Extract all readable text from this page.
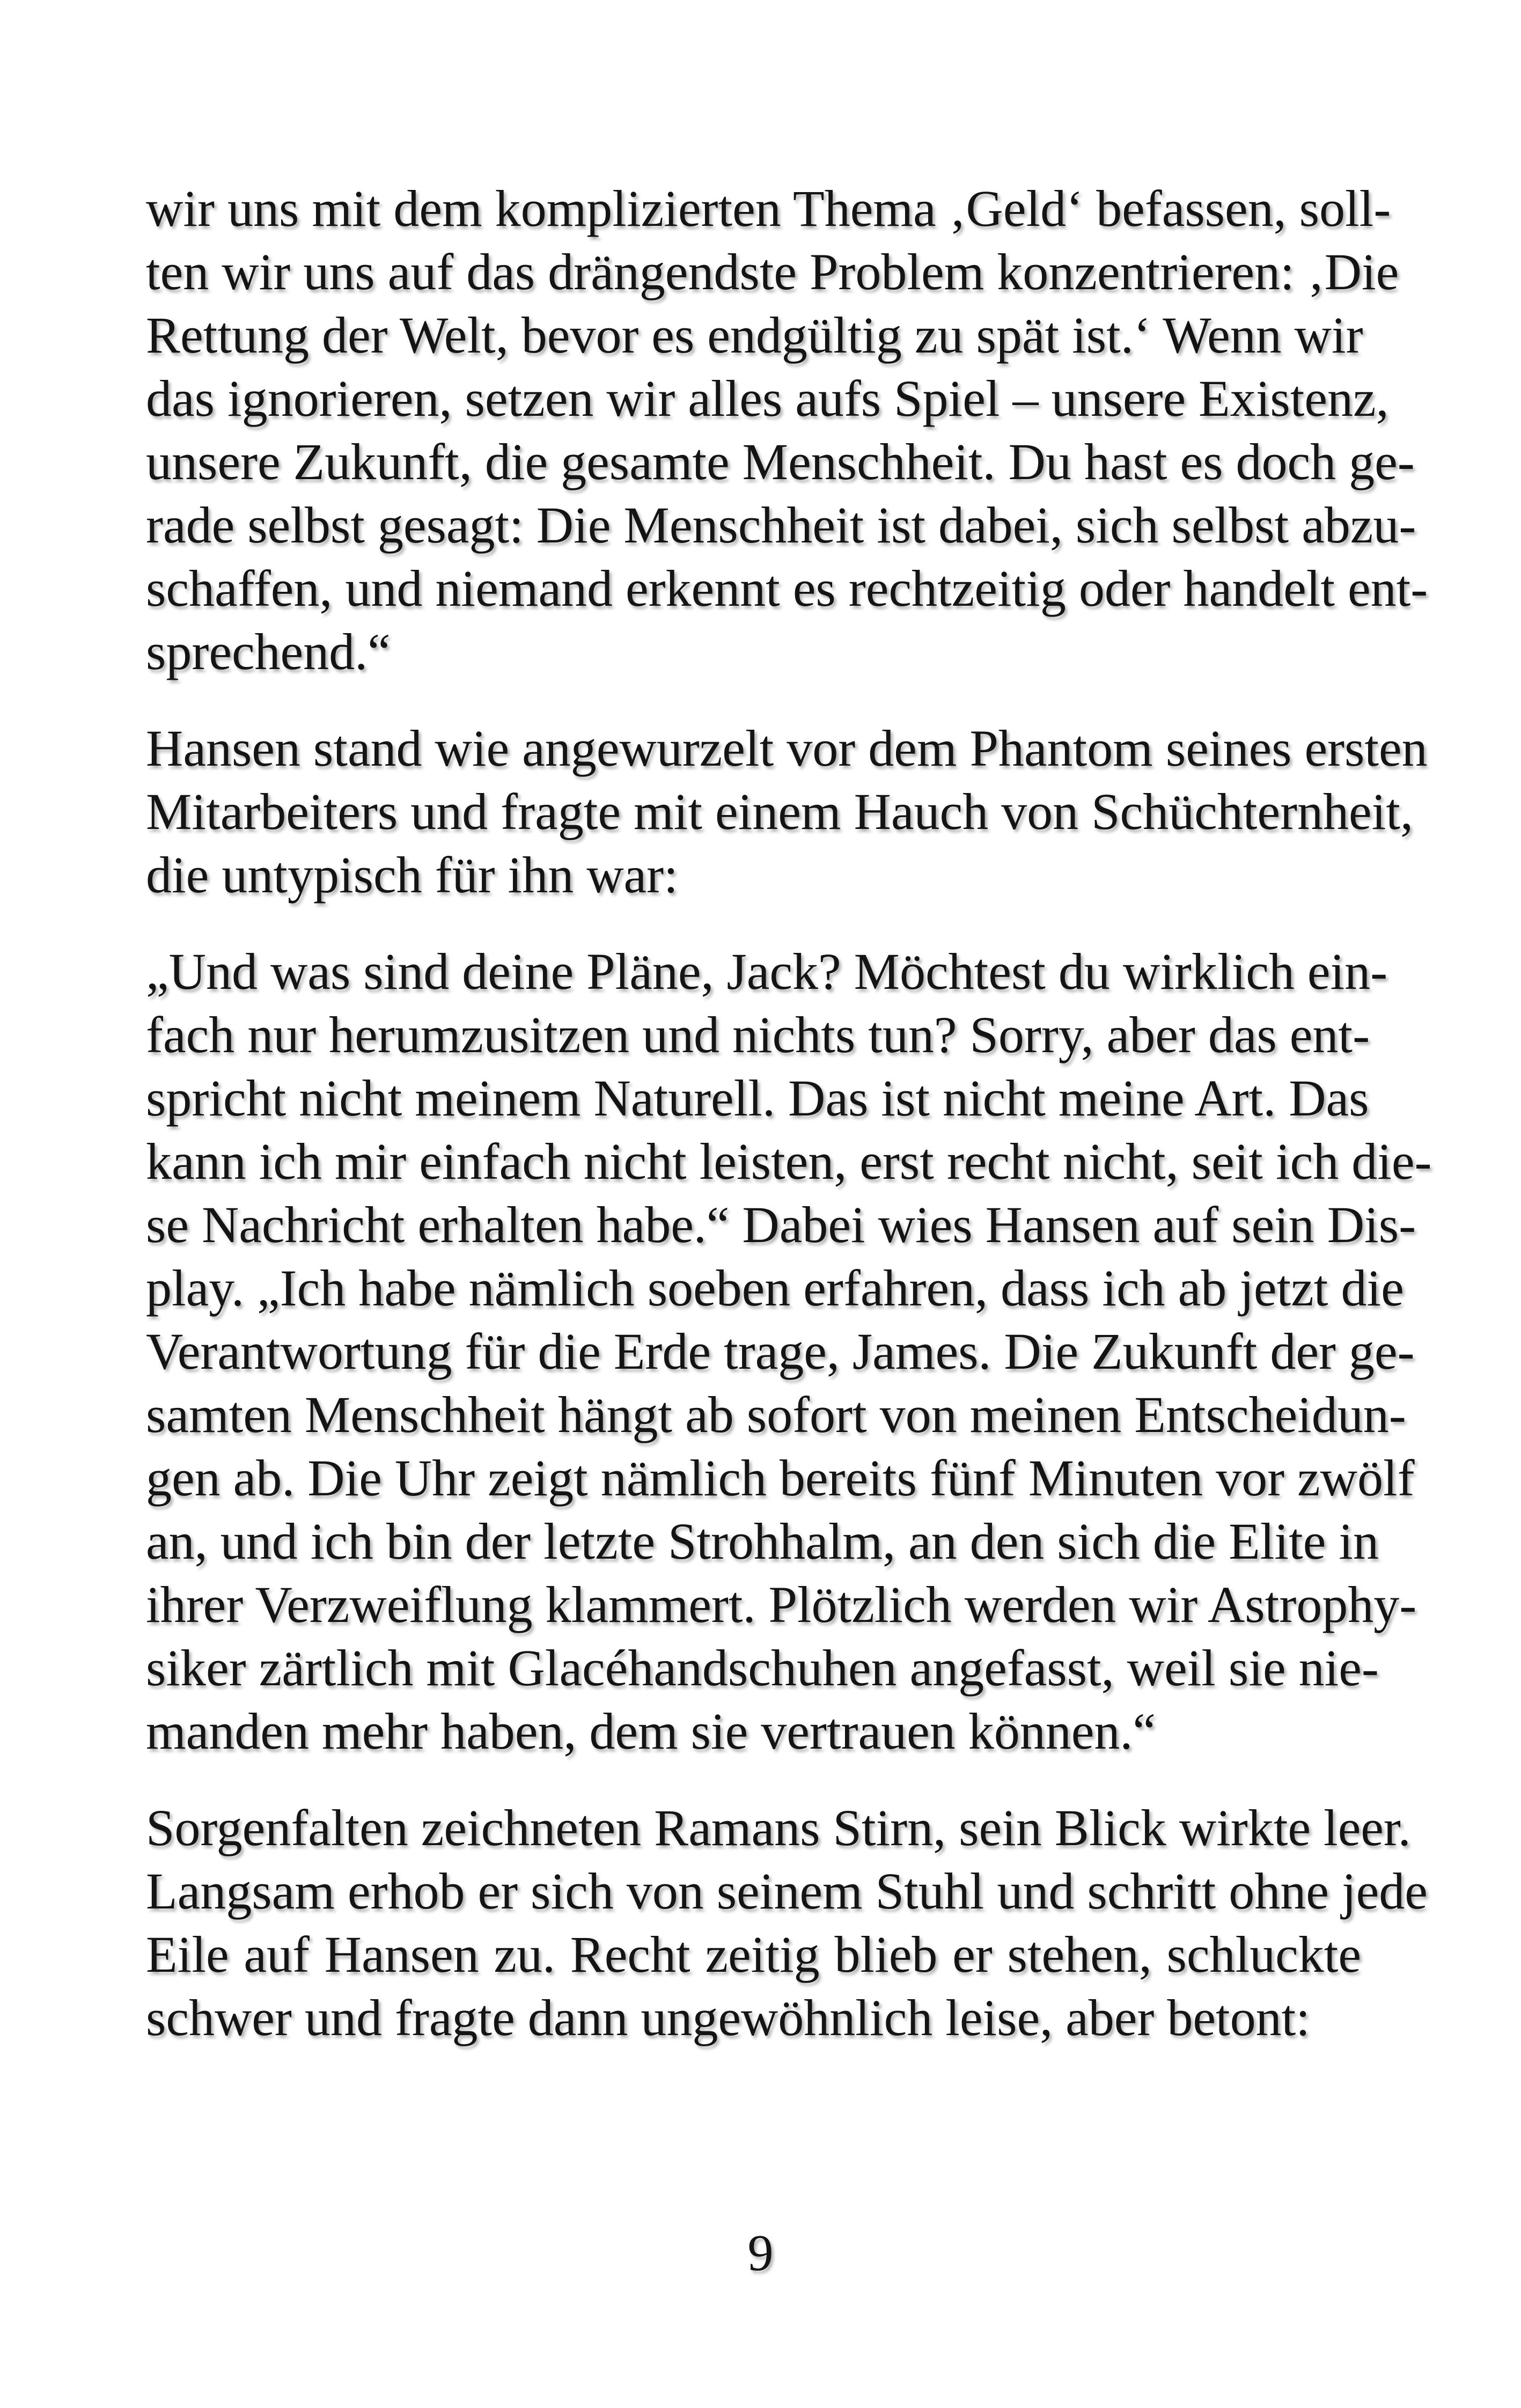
wir uns mit dem komplizierten Thema ‚Geld‘ befassen, soll-
ten wir uns auf das drängendste Problem konzentrieren: ‚Die
Rettung der Welt, bevor es endgültig zu spät ist.‘ Wenn wir
das ignorieren, setzen wir alles aufs Spiel – unsere Existenz,
unsere Zukunft, die gesamte Menschheit. Du hast es doch ge-
rade selbst gesagt: Die Menschheit ist dabei, sich selbst abzu-
schaffen, und niemand erkennt es rechtzeitig oder handelt ent-
sprechend.“
Hansen stand wie angewurzelt vor dem Phantom seines ersten
Mitarbeiters und fragte mit einem Hauch von Schüchternheit,
die untypisch für ihn war:
„Und was sind deine Pläne, Jack? Möchtest du wirklich ein-
fach nur herumzusitzen und nichts tun? Sorry, aber das ent-
spricht nicht meinem Naturell. Das ist nicht meine Art. Das
kann ich mir einfach nicht leisten, erst recht nicht, seit ich die-
se Nachricht erhalten habe.“ Dabei wies Hansen auf sein Dis-
play. „Ich habe nämlich soeben erfahren, dass ich ab jetzt die
Verantwortung für die Erde trage, James. Die Zukunft der ge-
samten Menschheit hängt ab sofort von meinen Entscheidun-
gen ab. Die Uhr zeigt nämlich bereits fünf Minuten vor zwölf
an, und ich bin der letzte Strohhalm, an den sich die Elite in
ihrer Verzweiflung klammert. Plötzlich werden wir Astrophy-
siker zärtlich mit Glacéhandschuhen angefasst, weil sie nie-
manden mehr haben, dem sie vertrauen können.“
Sorgenfalten zeichneten Ramans Stirn, sein Blick wirkte leer.
Langsam erhob er sich von seinem Stuhl und schritt ohne jede
Eile auf Hansen zu. Recht zeitig blieb er stehen, schluckte
schwer und fragte dann ungewöhnlich leise, aber betont:
9
